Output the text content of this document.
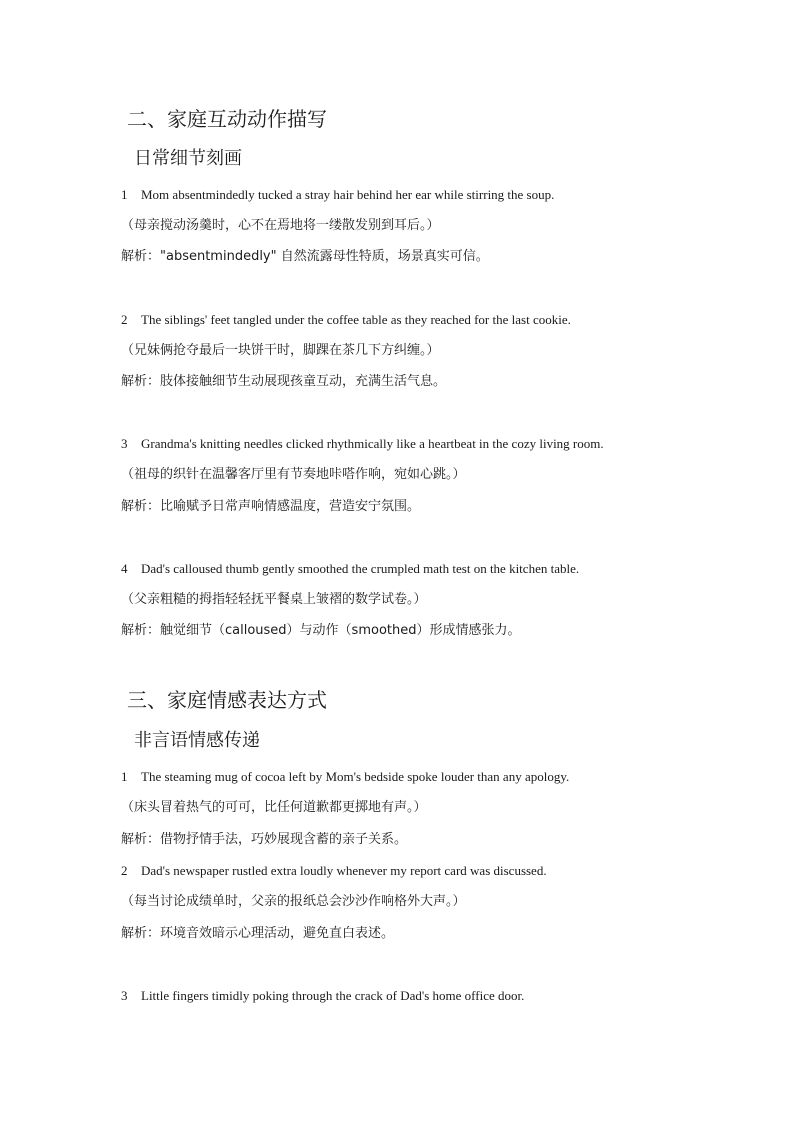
二、家庭互动动作描写
日常细节刻画
1 Mom absentmindedly tucked a stray hair behind her ear while stirring the soup.
（母亲搅动汤羹时，心不在焉地将一缕散发别到耳后。）
解析："absentmindedly" 自然流露母性特质，场景真实可信。
2 The siblings' feet tangled under the coffee table as they reached for the last cookie.
（兄妹俩抢夺最后一块饼干时，脚踝在茶几下方纠缠。）
解析：肢体接触细节生动展现孩童互动，充满生活气息。
3 Grandma's knitting needles clicked rhythmically like a heartbeat in the cozy living room.
（祖母的织针在温馨客厅里有节奏地咔嗒作响，宛如心跳。）
解析：比喻赋予日常声响情感温度，营造安宁氛围。
4 Dad's calloused thumb gently smoothed the crumpled math test on the kitchen table.
（父亲粗糙的拇指轻轻抚平餐桌上皱褶的数学试卷。）
解析：触觉细节（calloused）与动作（smoothed）形成情感张力。
三、家庭情感表达方式
非言语情感传递
1 The steaming mug of cocoa left by Mom's bedside spoke louder than any apology.
（床头冒着热气的可可，比任何道歉都更掷地有声。）
解析：借物抒情手法，巧妙展现含蓄的亲子关系。
2 Dad's newspaper rustled extra loudly whenever my report card was discussed.
（每当讨论成绩单时，父亲的报纸总会沙沙作响格外大声。）
解析：环境音效暗示心理活动，避免直白表述。
3 Little fingers timidly poking through the crack of Dad's home office door.
